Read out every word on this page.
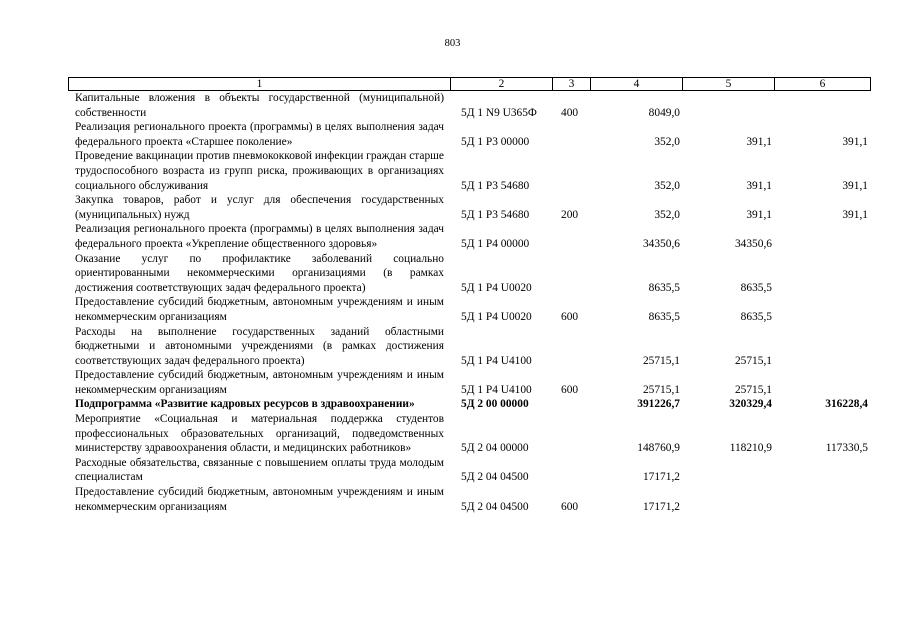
803
1	2	3	4	5	6
Капитальные вложения в объекты государственной (муниципальной) собственности	5Д 1 N9 U365Ф	400	8049,0		
Реализация регионального проекта (программы) в целях выполнения задач федерального проекта «Старшее поколение»	5Д 1 P3 00000		352,0	391,1	391,1
Проведение вакцинации против пневмококковой инфекции граждан старше трудоспособного возраста из групп риска, проживающих в организациях социального обслуживания	5Д 1 P3 54680		352,0	391,1	391,1
Закупка товаров, работ и услуг для обеспечения государственных (муниципальных) нужд	5Д 1 P3 54680	200	352,0	391,1	391,1
Реализация регионального проекта (программы) в целях выполнения задач федерального проекта «Укрепление общественного здоровья»	5Д 1 P4 00000		34350,6	34350,6	
Оказание услуг по профилактике заболеваний социально ориентированными некоммерческими организациями (в рамках достижения соответствующих задач федерального проекта)	5Д 1 P4 U0020		8635,5	8635,5	
Предоставление субсидий бюджетным, автономным учреждениям и иным некоммерческим организациям	5Д 1 P4 U0020	600	8635,5	8635,5	
Расходы на выполнение государственных заданий областными бюджетными и автономными учреждениями (в рамках достижения соответствующих задач федерального проекта)	5Д 1 P4 U4100		25715,1	25715,1	
Предоставление субсидий бюджетным, автономным учреждениям и иным некоммерческим организациям	5Д 1 P4 U4100	600	25715,1	25715,1	
Подпрограмма «Развитие кадровых ресурсов в здравоохранении»	5Д 2 00 00000		391226,7	320329,4	316228,4
Мероприятие «Социальная и материальная поддержка студентов профессиональных образовательных организаций, подведомственных министерству здравоохранения области, и медицинских работников»	5Д 2 04 00000		148760,9	118210,9	117330,5
Расходные обязательства, связанные с повышением оплаты труда молодым специалистам	5Д 2 04 04500		17171,2		
Предоставление субсидий бюджетным, автономным учреждениям и иным некоммерческим организациям	5Д 2 04 04500	600	17171,2		
